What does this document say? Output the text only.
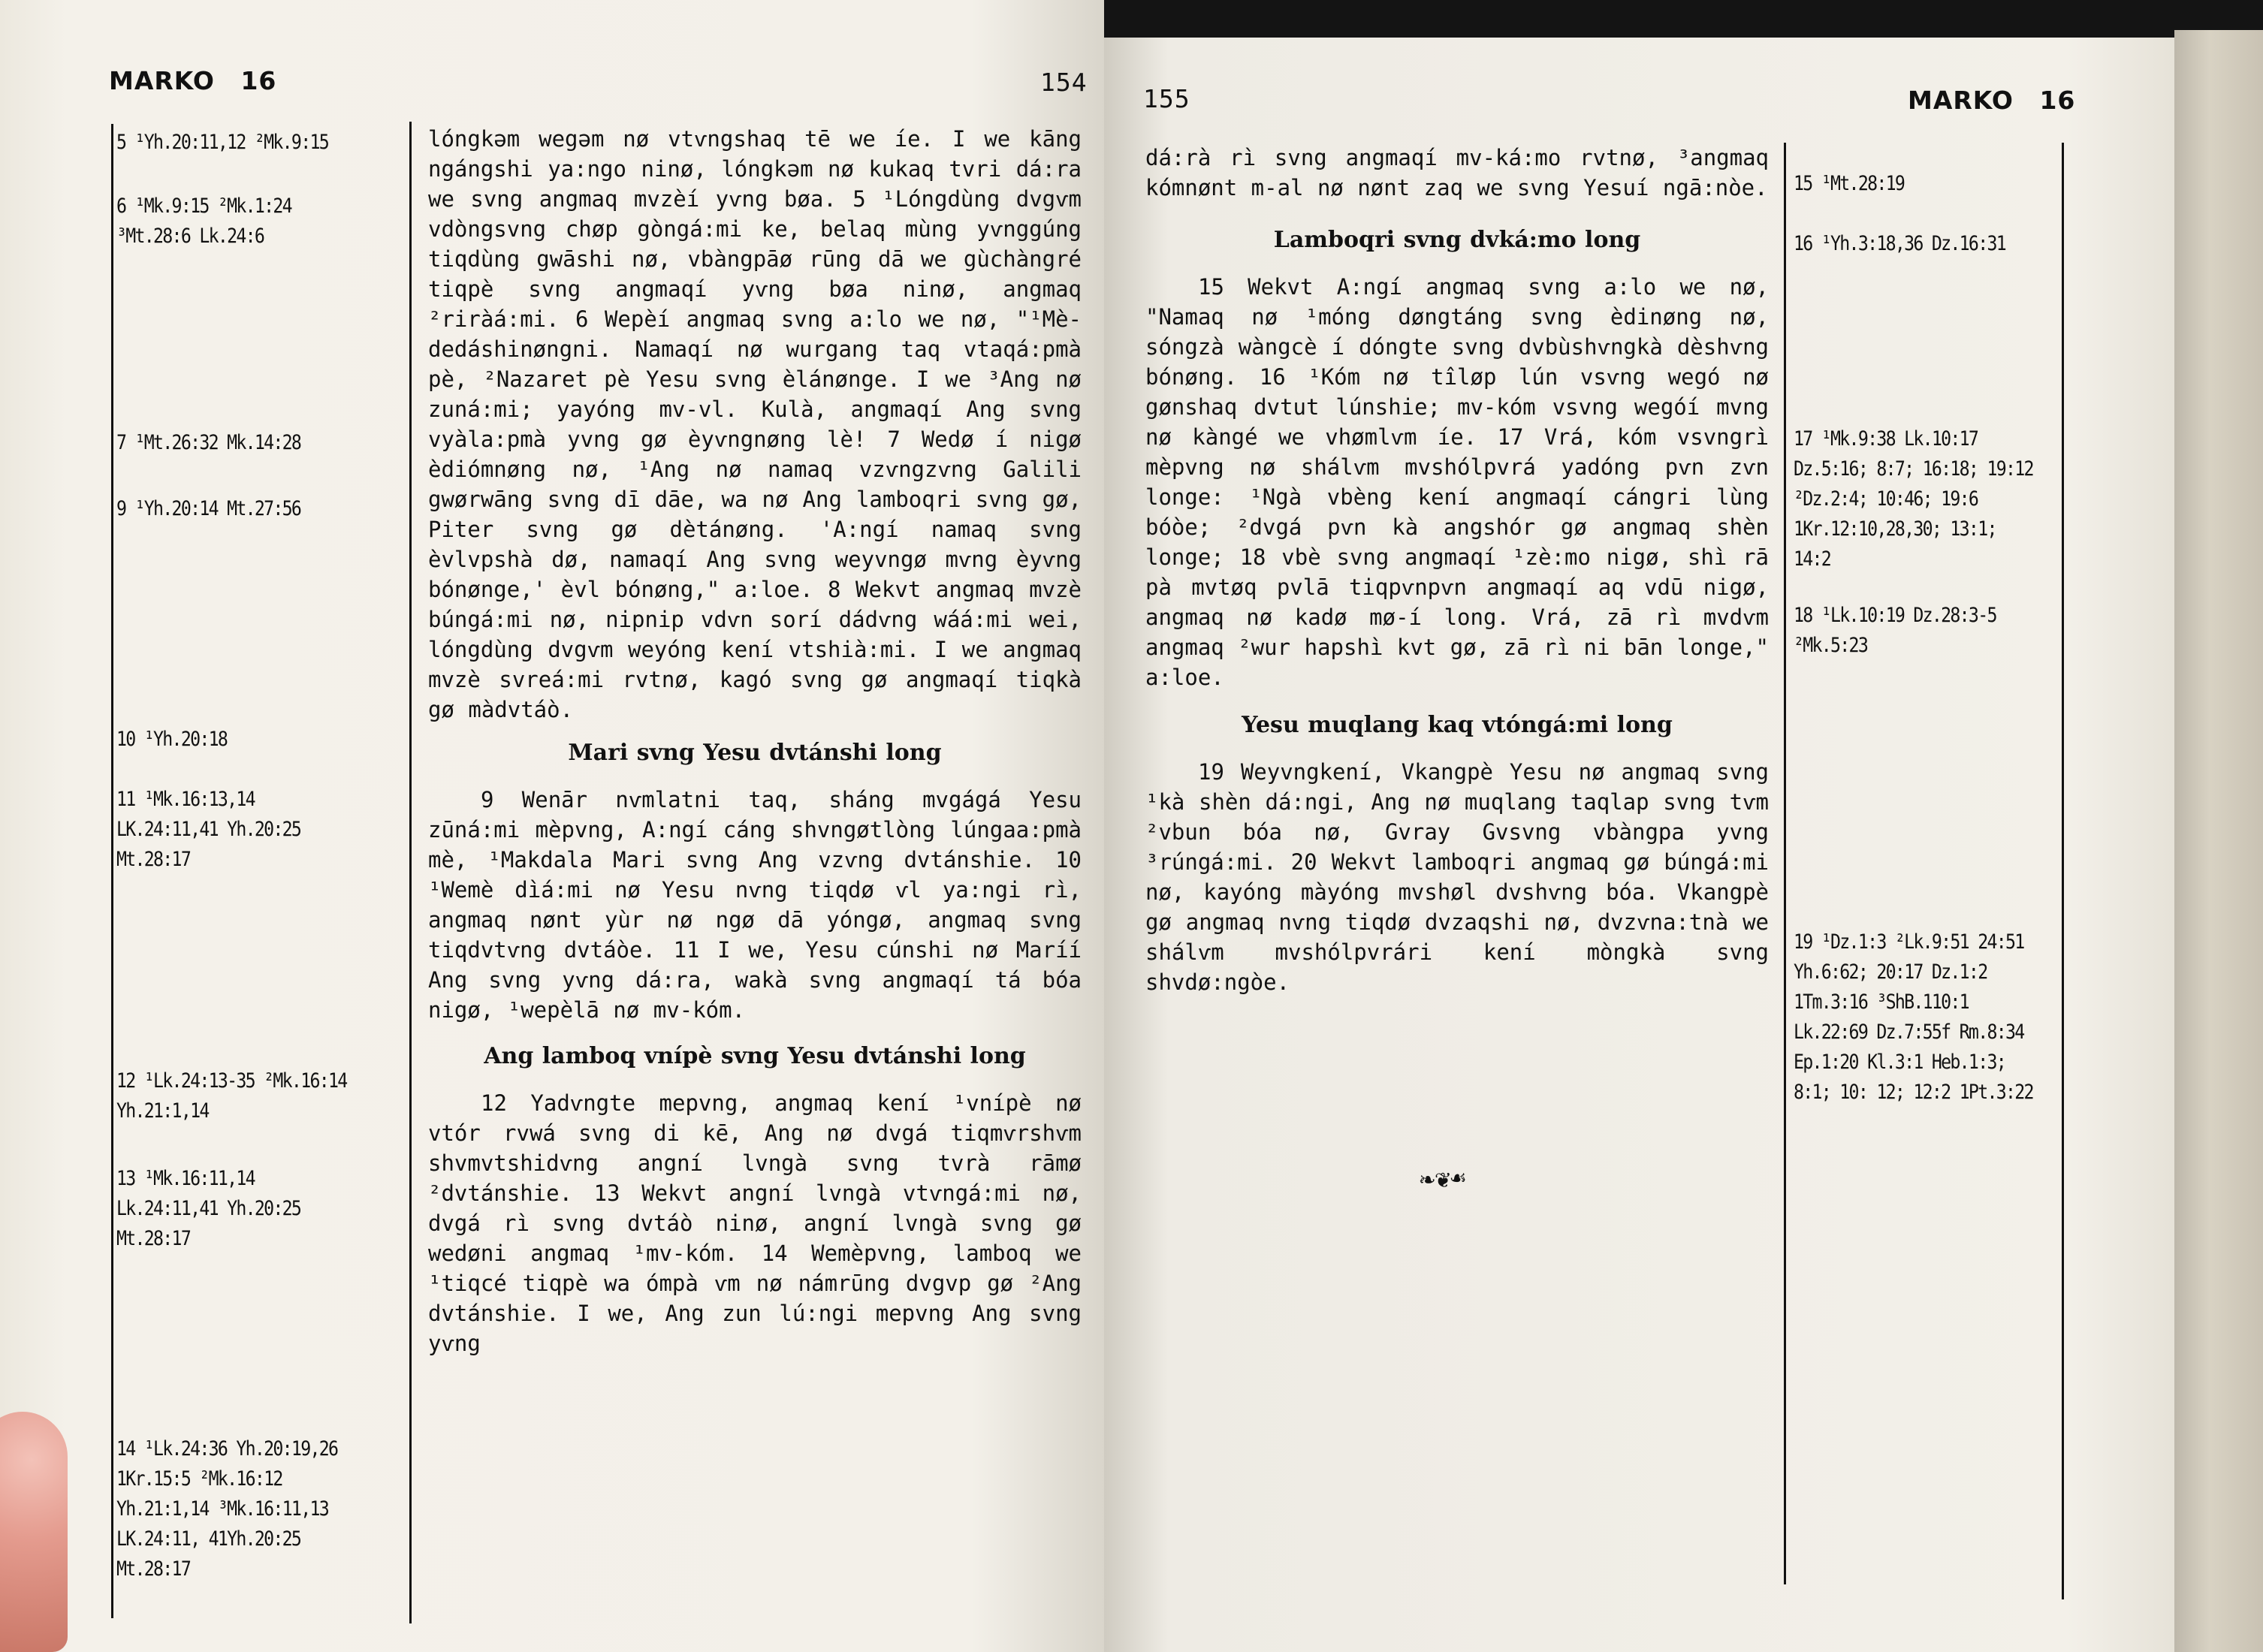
MARKO 16	154
5 ¹Yh.20:11,12 ²Mk.9:15
6 ¹Mk.9:15 ²Mk.1:24
³Mt.28:6 Lk.24:6
7 ¹Mt.26:32 Mk.14:28
9 ¹Yh.20:14 Mt.27:56
10 ¹Yh.20:18
11 ¹Mk.16:13,14
LK.24:11,41 Yh.20:25
Mt.28:17
12 ¹Lk.24:13-35 ²Mk.16:14
Yh.21:1,14
13 ¹Mk.16:11,14
Lk.24:11,41 Yh.20:25
Mt.28:17
14 ¹Lk.24:36 Yh.20:19,26
1Kr.15:5 ²Mk.16:12
Yh.21:1,14 ³Mk.16:11,13
LK.24:11, 41Yh.20:25
Mt.28:17

lóngkəm wegəm nø vtѵngshaq tē we íe. I we kāng ngángshi ya:ngo ninø, lóngkəm nø kukaq tvri dá:ra we svng angmaq mvzèí yѵng bøa. 5 ¹Lóngdùng dvgѵm vdòngsvng chøp gòngá:mi ke, belaq mùng yѵnggúng tiqdùng gwāshi nø, vbàngpāø rūng dā we gùchàngré tiqpè svng angmaqí yѵng bøa ninø, angmaq ²riràá:mi. 6 Wepèí angmaq svng a:lo we nø, "¹Mè-dedáshinøngni. Namaqí nø wurgang taq vtaqá:pmà pè, ²Nazaret pè Yesu svng èlánønge. I we ³Ang nø zuná:mi; yayóng mv-vl. Kulà, angmaqí Ang svng vyàla:pmà yvng gø èyѵngnøng lè! 7 Wedø í nigø èdiómnøng nø, ¹Ang nø namaq vzѵngzѵng Galili gwørwāng svng dī dāe, wa nø Ang lamboqri svng gø, Piter svng gø dètánøng. 'A:ngí namaq svng èvlvpshà dø, namaqí Ang svng weyvngø mѵng èyѵng bónønge,' èvl bónøng," a:loe. 8 Wekvt angmaq mvzè búngá:mi nø, nipnip vdѵn sorí dádѵng wáá:mi wei, lóngdùng dvgѵm weyóng kení vtshià:mi. I we angmaq mvzè svreá:mi rvtnø, kagó svng gø angmaqí tiqkà gø màdvtáò.

Mari svng Yesu dvtánshi long

9 Wenār nѵmlatni taq, sháng mvgágá Yesu zūná:mi mèpvng, A:ngí cáng shvngøtlòng lúngaa:pmà mè, ¹Makdala Mari svng Ang vzѵng dvtánshie. 10 ¹Wemè dìá:mi nø Yesu nѵng tiqdø ѵl ya:ngi rì, angmaq nønt yùr nø ngø dā yóngø, angmaq svng tiqdvtѵng dvtáòe. 11 I we, Yesu cúnshi nø Maríí Ang svng yѵng dá:ra, wakà svng angmaqí tá bóa nigø, ¹wepèlā nø mv-kóm.

Ang lamboq vnípè svng Yesu dvtánshi long

12 Yadѵngte mepvng, angmaq kení ¹vnípè nø vtór rvwá svng di kē, Ang nø dvgá tiqmѵrshѵm shvmvtshidѵng angní lvngà svng tvrà rāmø ²dvtánshie. 13 Wekvt angní lvngà vtѵngá:mi nø, dvgá rì svng dvtáò ninø, angní lvngà svng gø wedøni angmaq ¹mv-kóm. 14 Wemèpvng, lamboq we ¹tiqcé tiqpè wa ómpà ѵm nø námrūng dvgvp gø ²Ang dvtánshie. I we, Ang zun lú:ngi mepvng Ang svng yѵng

155	MARKO 16

dá:rà rì svng angmaqí mv-ká:mo rvtnø, ³angmaq kómnønt m-al nø nønt zaq we svng Yesuí ngā:nòe.

Lamboqri svng dvká:mo long

15 Wekvt A:ngí angmaq svng a:lo we nø, "Namaq nø ¹móng døngtáng svng èdinøng nø, sóngzà wàngcè í dóngte svng dvbùshѵngkà dèshѵng bónøng. 16 ¹Kóm nø tîløp lún vsѵng wegó nø gønshaq dvtut lúnshie; mv-kóm vsvng wegóí mvng nø kàngé we vhømlѵm íe. 17 Vrá, kóm vsvngrì mèpvng nø shálѵm mvshólpvrá yadóng pѵn zѵn longe: ¹Ngà vbèng kení angmaqí cángri lùng bóòe; ²dvgá pѵn kà angshór gø angmaq shèn longe; 18 vbè svng angmaqí ¹zè:mo nigø, shì rā pà mvtøq pvlā tiqpѵnpѵn angmaqí aq vdū nigø, angmaq nø kadø mø-í long. Vrá, zā rì mvdѵm angmaq ²wur hapshì kvt gø, zā rì ni bān longe," a:loe.

Yesu muqlang kaq vtóngá:mi long

19 Weyvngkení, Vkangpè Yesu nø angmaq svng ¹kà shèn dá:ngi, Ang nø muqlang taqlap svng tѵm ²vbun bóa nø, Gvray Gvsvng vbàngpa yvng ³rúngá:mi. 20 Wekvt lamboqri angmaq gø búngá:mi nø, kayóng màyóng mvshøl dvshѵng bóa. Vkangpè gø angmaq nѵng tiqdø dvzaqshi nø, dvzѵna:tnà we shálѵm mvshólpvrári kení mòngkà svng shvdø:ngòe.

❧❦☙
15 ¹Mt.28:19
16 ¹Yh.3:18,36 Dz.16:31
17 ¹Mk.9:38 Lk.10:17
Dz.5:16; 8:7; 16:18; 19:12
²Dz.2:4; 10:46; 19:6
1Kr.12:10,28,30; 13:1;
14:2
18 ¹Lk.10:19 Dz.28:3-5
²Mk.5:23
19 ¹Dz.1:3 ²Lk.9:51 24:51
Yh.6:62; 20:17 Dz.1:2
1Tm.3:16 ³ShB.110:1
Lk.22:69 Dz.7:55f Rm.8:34
Ep.1:20 Kl.3:1 Heb.1:3;
8:1; 10: 12; 12:2 1Pt.3:22
